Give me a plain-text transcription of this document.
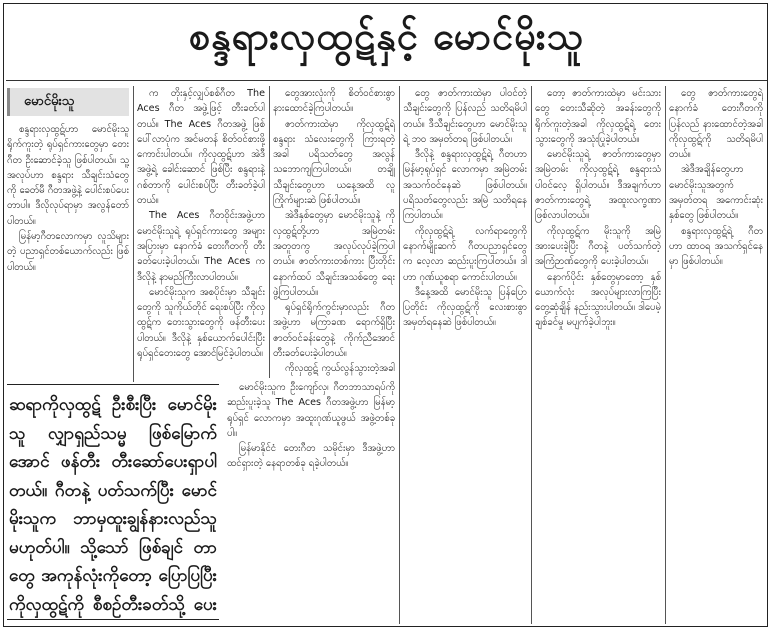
စန္ဒရားလှထွဋ်နှင့် မောင်မိုးသူ
မောင်မိုးသူ

စန္ဒရားလှထွဋ်ဟာ မောင်မိုးသူ ရိုက်ကူးတဲ့ ရုပ်ရှင်ကားတွေမှာ တေးဂီတ ဦးဆောင်ခဲ့သူ ဖြစ်ပါတယ်။ သူ့အလုပ်ဟာ စန္ဒရား သီချင်းသံတွေကို ခေတ်မီ ဂီတအဖွဲ့နဲ့ ပေါင်းစပ်ပေးတာပါ။ ဒီလိုလုပ်ရာမှာ အလွန်တော်ပါတယ်။

မြန်မာ့ဂီတလောကမှာ လူသိများတဲ့ ပညာရှင်တစ်ယောက်လည်း ဖြစ်ပါတယ်။

ဆရာကိုလှထွဋ် ဦးစီးပြီး မောင်မိုးသူ လျှာရှည်သမ္မ ဖြစ်မြောက်အောင် ဖန်တီး တီးဆော်ပေးရှာပါတယ်။ ဂီတနဲ့ ပတ်သက်ပြီး မောင်မိုးသူက ဘာမှထူးချွန်နားလည်သူ မဟုတ်ပါ။ သို့သော် ဖြစ်ချင် တာတွေ အကုန်လုံးကိုတော့ ပြောပြပြီး ကိုလှထွဋ်ကို စီစဉ်တီးခတ်သို့ ပေး

က တိုးနှင့်လျှပ်စစ်ဂီတ The Aces ဂီတ အဖွဲ့ဖြင့် တီးခတ်ပါတယ်။ The Aces ဂီတအဖွဲ့ ဖြစ်ပေါ်လာပုံက အင်မတန် စိတ်ဝင်စားဖို့ ကောင်းပါတယ်။ ကိုလှထွဋ်ဟာ အဲဒီအဖွဲ့ရဲ့ ခေါင်းဆောင် ဖြစ်ပြီး စန္ဒရားနဲ့ ဂစ်တာကို ပေါင်းစပ်ပြီး တီးခတ်ခဲ့ပါတယ်။

The Aces ဂီတဝိုင်းအဖွဲ့ဟာ မောင်မိုးသူရဲ့ ရုပ်ရှင်ကားတွေ အများအပြားမှာ နောက်ခံ တေးဂီတကို တီးခတ်ပေးခဲ့ပါတယ်။ The Aces က ဒီလိုနဲ့ နာမည်ကြီးလာပါတယ်။

မောင်မိုးသူက အစပိုင်းမှာ သီချင်းတွေကို သူကိုယ်တိုင် ရေးစပ်ပြီး ကိုလှထွဋ်က တေးသွားတွေကို ဖန်တီးပေးပါတယ်။ ဒီလိုနဲ့ နှစ်ယောက်ပေါင်းပြီး ရုပ်ရှင်တေးတွေ အောင်မြင်ခဲ့ပါတယ်။

မောင်မိုးသူက ဦးကျော်လှ၊ ဂီတဘာသာရပ်ကို ဆည်းပူးခဲ့သူ The Aces ဂီတအဖွဲ့ဟာ မြန်မာ့ရုပ်ရှင် လောကမှာ အထူးဂုဏ်ယူဖွယ် အဖွဲ့တစ်ခုပါ။

မြန်မာနိုင်ငံ တေးဂီတ သမိုင်းမှာ ဒီအဖွဲ့ဟာ ထင်ရှားတဲ့ နေရာတစ်ခု ရခဲ့ပါတယ်။

တွေအားလုံးကို စိတ်ဝင်စားစွာ နားထောင်ခဲ့ကြပါတယ်။

ဇာတ်ကားထဲမှာ ကိုလှထွဋ်ရဲ့ စန္ဒရား သံလေးတွေကို ကြားရတဲ့အခါ ပရိသတ်တွေ အလွန် သဘောကျကြပါတယ်။ တချို့သီချင်းတွေဟာ ယနေ့အထိ လူကြိုက်များဆဲ ဖြစ်ပါတယ်။

အဲဒီနှစ်တွေမှာ မောင်မိုးသူနဲ့ ကိုလှထွဋ်တို့ဟာ အမြဲတမ်း အတူတကွ အလုပ်လုပ်ခဲ့ကြပါတယ်။ ဇာတ်ကားတစ်ကား ပြီးတိုင်း နောက်ထပ် သီချင်းအသစ်တွေ ရေးဖွဲ့ကြပါတယ်။

ရုပ်ရှင်ရိုက်ကွင်းမှာလည်း ဂီတအဖွဲ့ဟာ မကြာခဏ ရောက်ရှိပြီး ဇာတ်ဝင်ခန်းတွေနဲ့ ကိုက်ညီအောင် တီးခတ်ပေးခဲ့ပါတယ်။

ကိုလှထွဋ် ကွယ်လွန်သွားတဲ့အခါ

တွေ ဇာတ်ကားထဲမှာ ပါဝင်တဲ့ သီချင်းတွေကို ပြန်လည် သတိရမိပါတယ်။ ဒီသီချင်းတွေဟာ မောင်မိုးသူရဲ့ ဘဝ အမှတ်တရ ဖြစ်ပါတယ်။

ဒီလိုနဲ့ စန္ဒရားလှထွဋ်ရဲ့ ဂီတဟာ မြန်မာ့ရုပ်ရှင် လောကမှာ အမြဲတမ်း အသက်ဝင်နေဆဲ ဖြစ်ပါတယ်။ ပရိသတ်တွေလည်း အမြဲ သတိရနေကြပါတယ်။

ကိုလှထွဋ်ရဲ့ လက်ရာတွေကို နောက်မျိုးဆက် ဂီတပညာရှင်တွေက လေ့လာ ဆည်းပူးကြပါတယ်။ ဒါဟာ ဂုဏ်ယူစရာ ကောင်းပါတယ်။

ဒီနေ့အထိ မောင်မိုးသူ ပြန်ပြောပြတိုင်း ကိုလှထွဋ်ကို လေးစားစွာ အမှတ်ရနေဆဲ ဖြစ်ပါတယ်။

တော့ ဇာတ်ကားထဲမှာ မင်းသားတွေ တေးသီဆိုတဲ့ အခန်းတွေကို ရိုက်ကူးတဲ့အခါ ကိုလှထွဋ်ရဲ့ တေးသွားတွေကို အသုံးပြုခဲ့ပါတယ်။

မောင်မိုးသူရဲ့ ဇာတ်ကားတွေမှာ အမြဲတမ်း ကိုလှထွဋ်ရဲ့ စန္ဒရားသံ ပါဝင်လေ့ ရှိပါတယ်။ ဒီအချက်ဟာ ဇာတ်ကားတွေရဲ့ အထူးလက္ခဏာ ဖြစ်လာပါတယ်။

ကိုလှထွဋ်က မိုးသူကို အမြဲ အားပေးခဲ့ပြီး ဂီတနဲ့ ပတ်သက်တဲ့ အကြံဉာဏ်တွေကို ပေးခဲ့ပါတယ်။

နောက်ပိုင်း နှစ်တွေမှာတော့ နှစ်ယောက်လုံး အလုပ်များလာကြပြီး တွေ့ဆုံချိန် နည်းသွားပါတယ်။ ဒါပေမဲ့ ချစ်ခင်မှု မပျက်ခဲ့ပါဘူး။

တွေ ဇာတ်ကားတွေရဲ့ နောက်ခံ တေးဂီတကို ပြန်လည် နားထောင်တဲ့အခါ ကိုလှထွဋ်ကို သတိရမိပါတယ်။

အဲဒီအချိန်တွေဟာ မောင်မိုးသူအတွက် အမှတ်တရ အကောင်းဆုံး နှစ်တွေ ဖြစ်ပါတယ်။

စန္ဒရားလှထွဋ်ရဲ့ ဂီတဟာ ထာဝရ အသက်ရှင်နေမှာ ဖြစ်ပါတယ်။
